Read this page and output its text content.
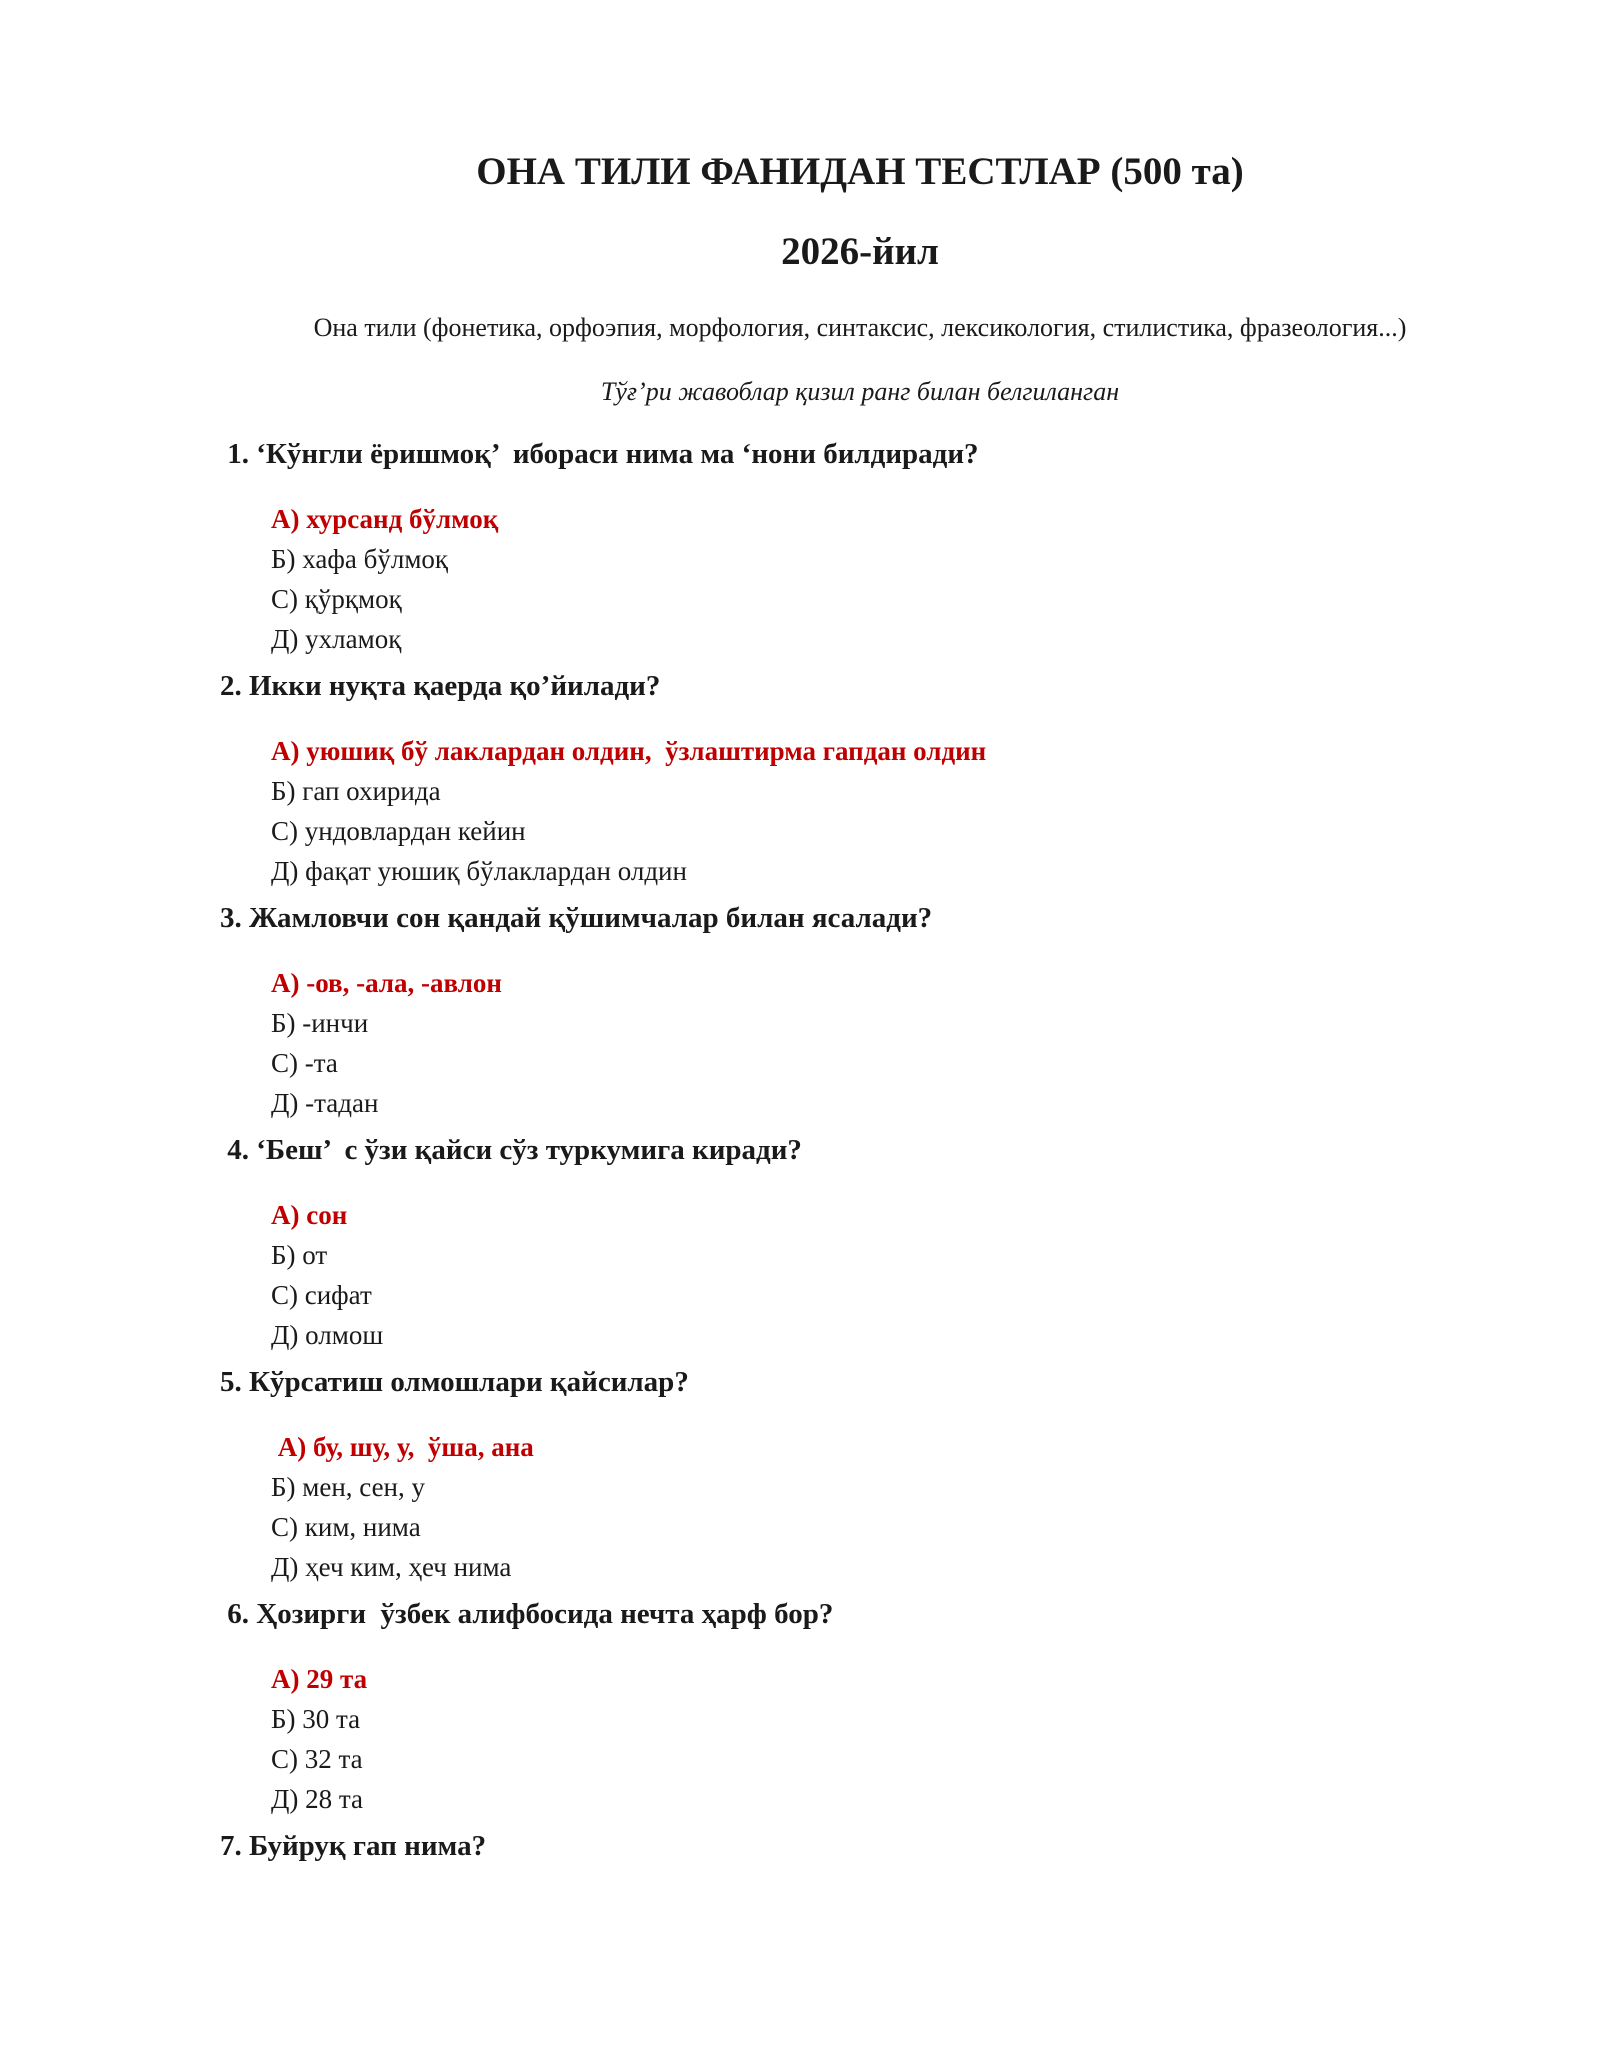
ОНА ТИЛИ ФАНИДАН ТЕСТЛАР (500 та)
2026-йил

Она тили (фонетика, орфоэпия, морфология, синтаксис, лексикология, стилистика, фразеология...)

Тўғ’ри жавоблар қизил ранг билан белгиланган

1. ‘Кўнгли ёришмоқ’  ибораси нима ма ‘нони билдиради?

А) хурсанд бўлмоқ

Б) хафа бўлмоқ

С) қўрқмоқ

Д) ухламоқ

2. Икки нуқта қаерда қо’йилади?

А) уюшиқ бў лаклардан олдин,  ўзлаштирма гапдан олдин

Б) гап охирида

С) ундовлардан кейин

Д) фақат уюшиқ бўлаклардан олдин

3. Жамловчи сон қандай қўшимчалар билан ясалади?

А) -ов, -ала, -авлон

Б) -инчи

С) -та

Д) -тадан

4. ‘Беш’  с ўзи қайси сўз туркумига киради?

А) сон

Б) от

С) сифат

Д) олмош

5. Кўрсатиш олмошлари қайсилар?

А) бу, шу, у,  ўша, ана

Б) мен, сен, у

С) ким, нима

Д) ҳеч ким, ҳеч нима

6. Ҳозирги  ўзбек алифбосида нечта ҳарф бор?

А) 29 та

Б) 30 та

С) 32 та

Д) 28 та

7. Буйруқ гап нима?
